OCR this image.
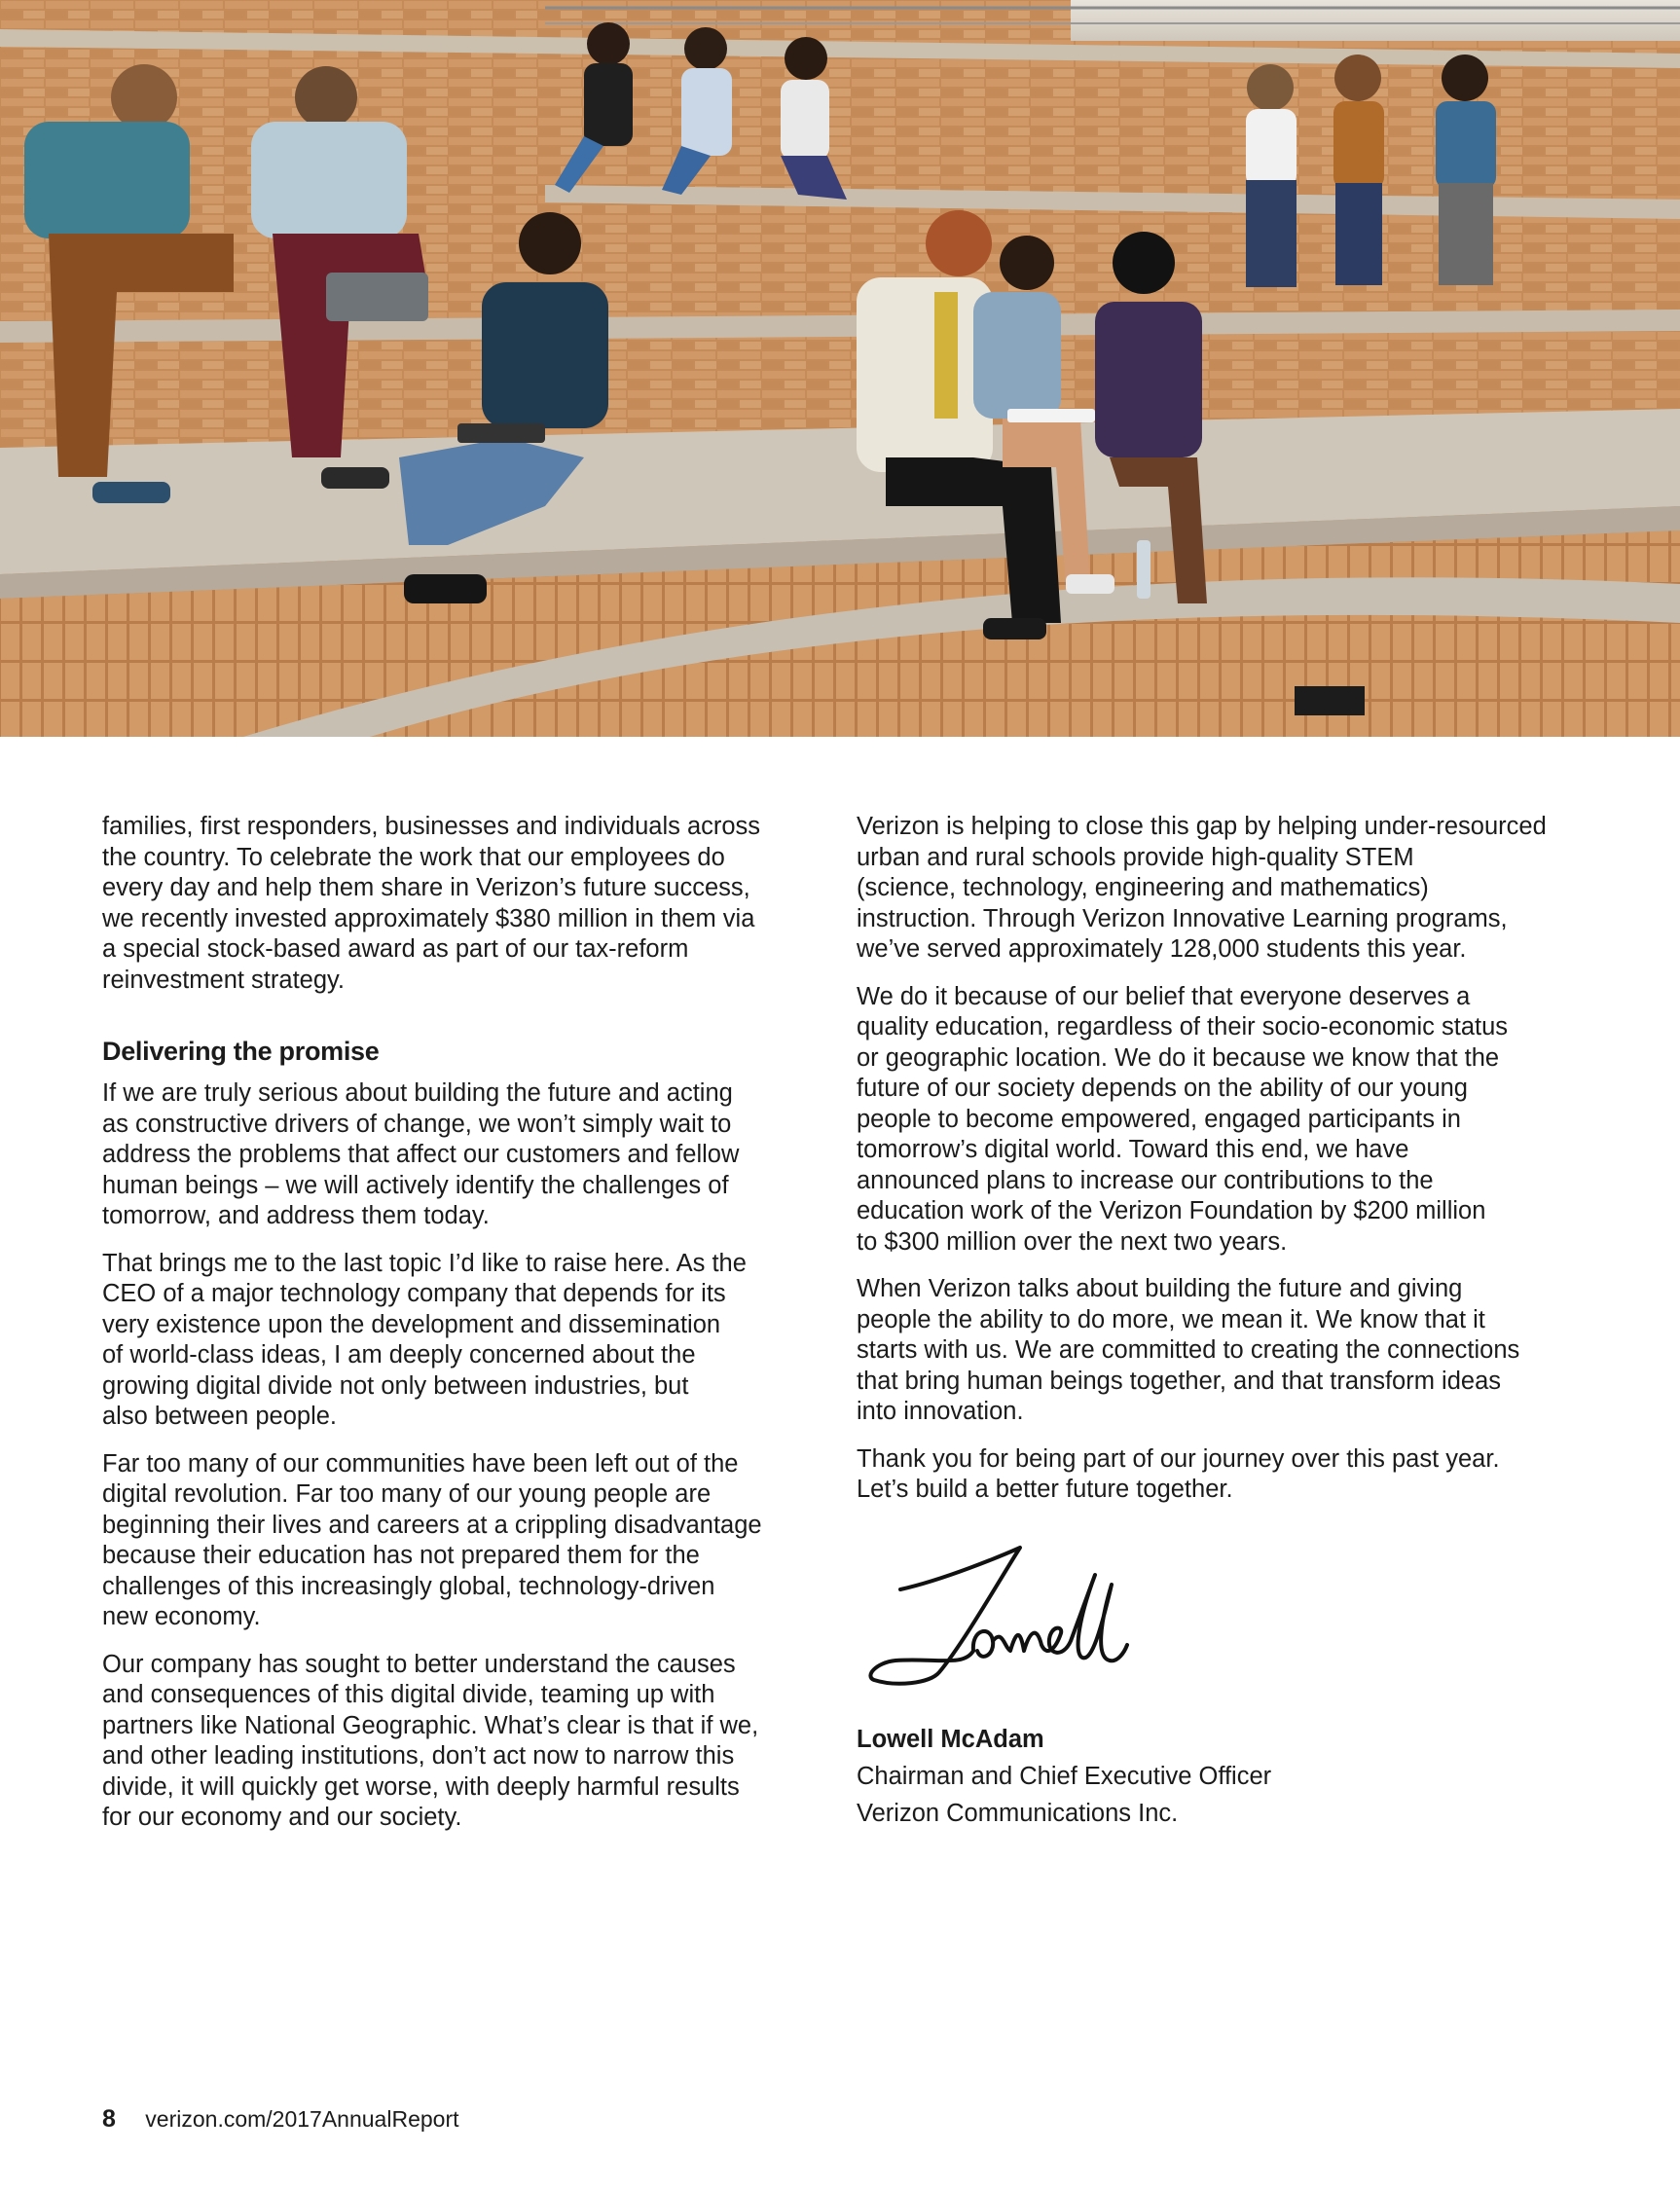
families, first responders, businesses and individuals across
the country. To celebrate the work that our employees do
every day and help them share in Verizon’s future success,
we recently invested approximately $380 million in them via
a special stock-based award as part of our tax-reform
reinvestment strategy.

Delivering the promise

If we are truly serious about building the future and acting
as constructive drivers of change, we won’t simply wait to
address the problems that affect our customers and fellow
human beings – we will actively identify the challenges of
tomorrow, and address them today.

That brings me to the last topic I’d like to raise here. As the
CEO of a major technology company that depends for its
very existence upon the development and dissemination
of world-class ideas, I am deeply concerned about the
growing digital divide not only between industries, but
also between people.

Far too many of our communities have been left out of the
digital revolution. Far too many of our young people are
beginning their lives and careers at a crippling disadvantage
because their education has not prepared them for the
challenges of this increasingly global, technology-driven
new economy.

Our company has sought to better understand the causes
and consequences of this digital divide, teaming up with
partners like National Geographic. What’s clear is that if we,
and other leading institutions, don’t act now to narrow this
divide, it will quickly get worse, with deeply harmful results
for our economy and our society.

Verizon is helping to close this gap by helping under-resourced
urban and rural schools provide high-quality STEM
(science, technology, engineering and mathematics)
instruction. Through Verizon Innovative Learning programs,
we’ve served approximately 128,000 students this year.

We do it because of our belief that everyone deserves a
quality education, regardless of their socio-economic status
or geographic location. We do it because we know that the
future of our society depends on the ability of our young
people to become empowered, engaged participants in
tomorrow’s digital world. Toward this end, we have
announced plans to increase our contributions to the
education work of the Verizon Foundation by $200 million
to $300 million over the next two years.

When Verizon talks about building the future and giving
people the ability to do more, we mean it. We know that it
starts with us. We are committed to creating the connections
that bring human beings together, and that transform ideas
into innovation.

Thank you for being part of our journey over this past year.
Let’s build a better future together.

Lowell McAdam
Chairman and Chief Executive Officer
Verizon Communications Inc.
8 verizon.com/2017AnnualReport
